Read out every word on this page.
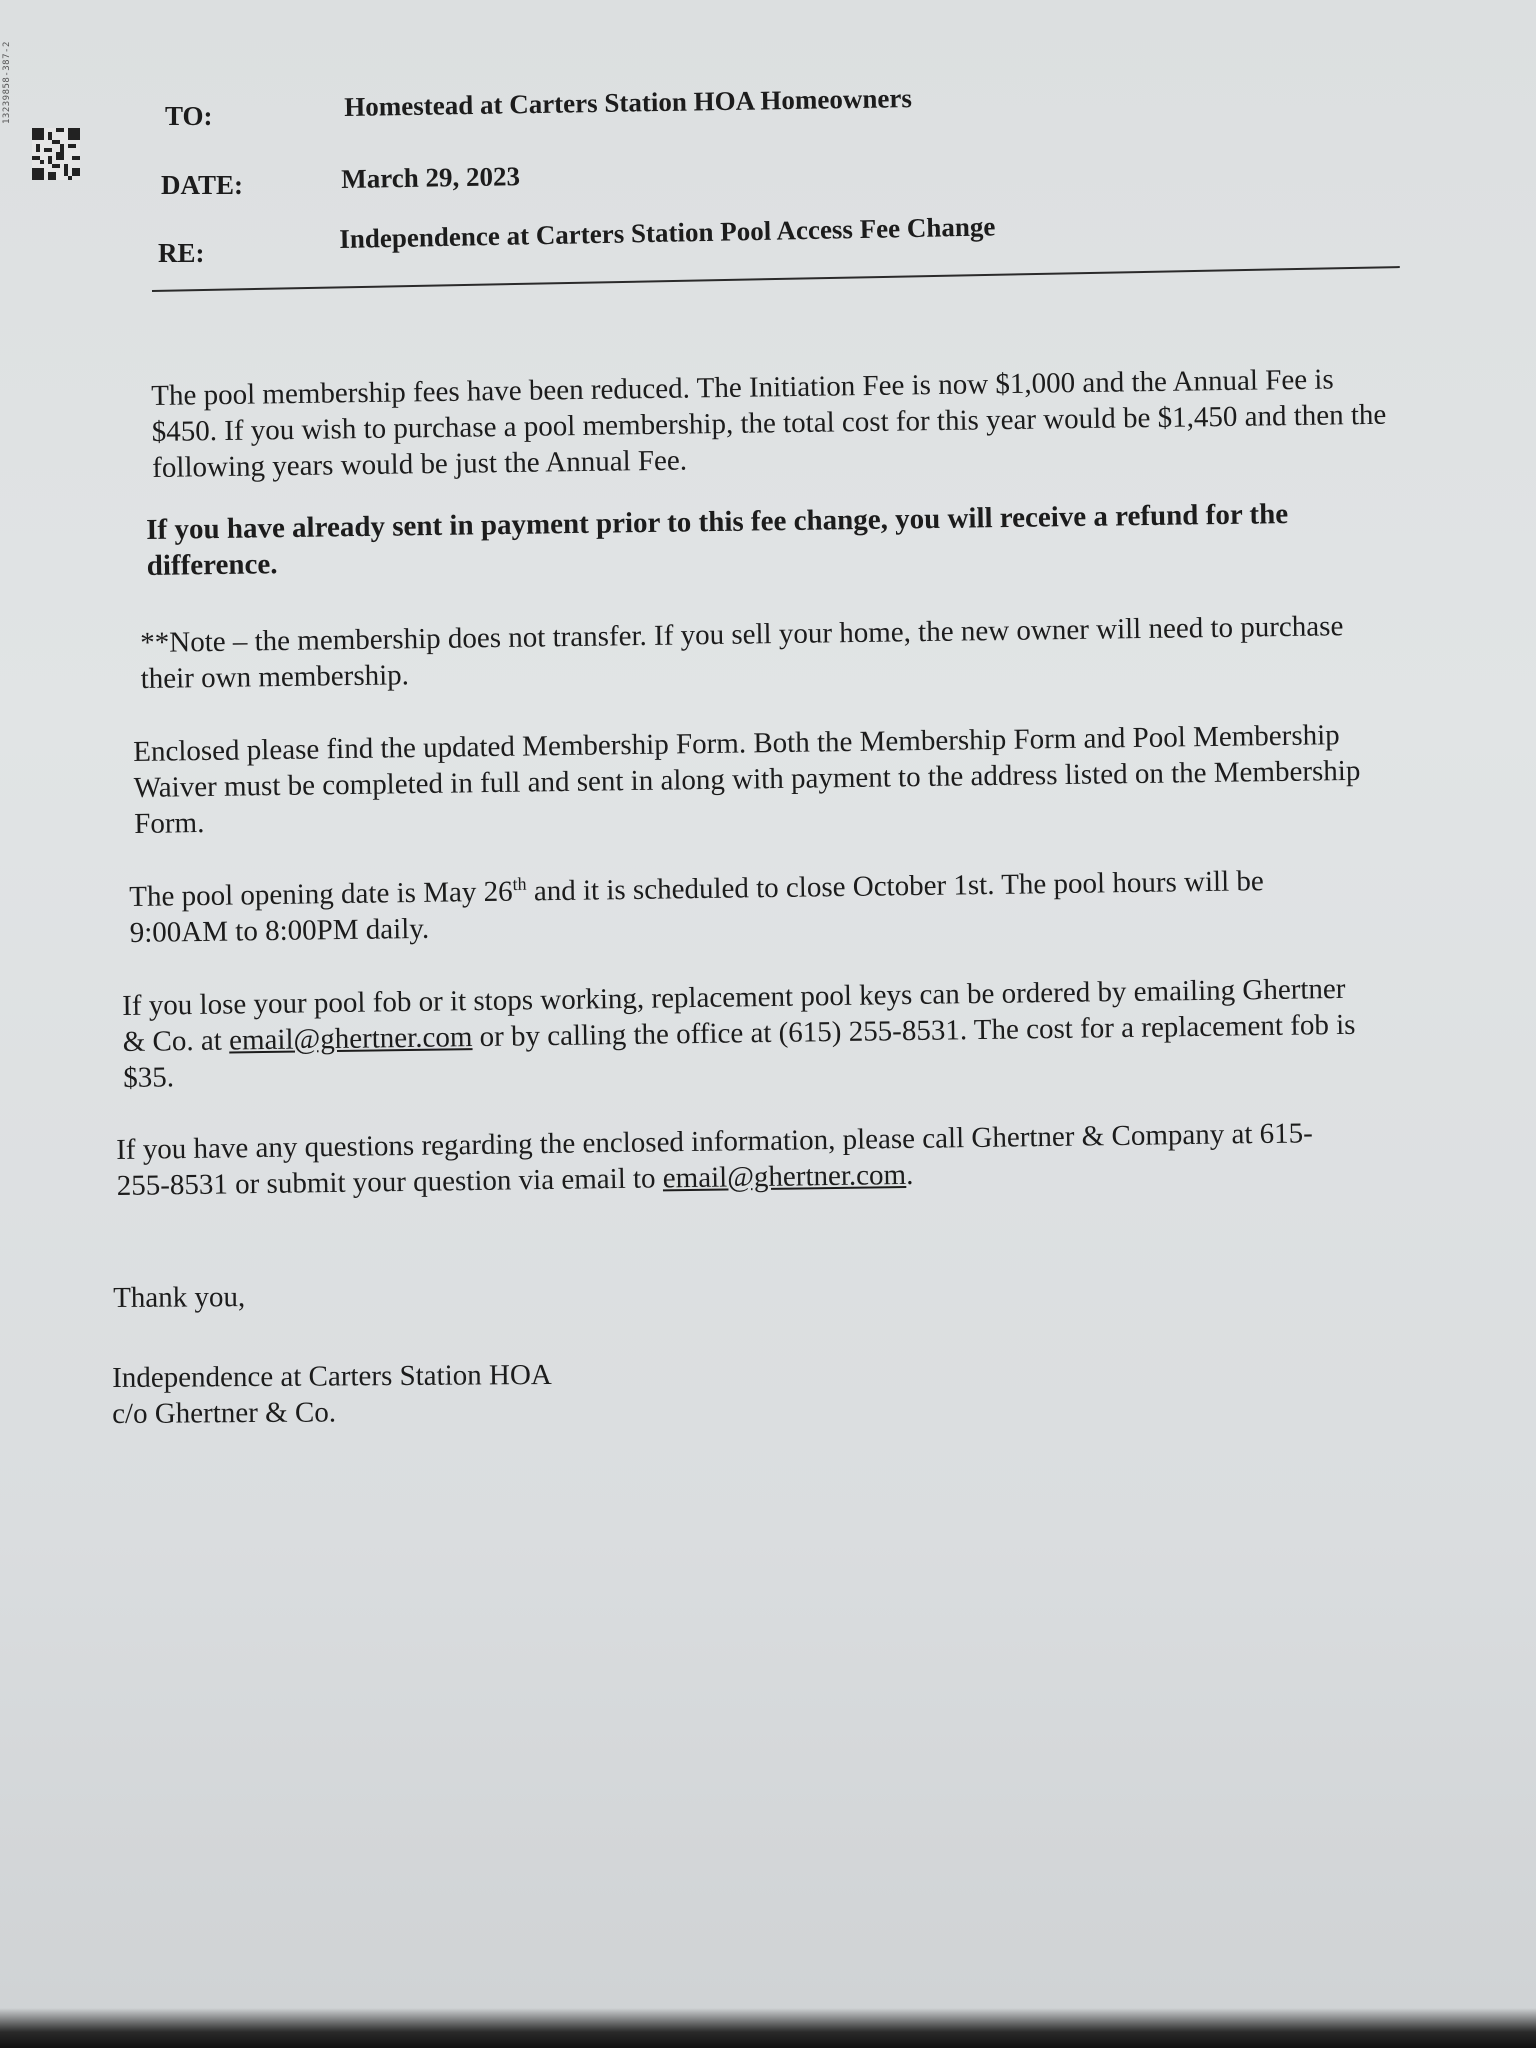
13239858-387-2	TO:	Homestead at Carters Station HOA Homeowners
DATE:	March 29, 2023
RE:	Independence at Carters Station Pool Access Fee Change

The pool membership fees have been reduced. The Initiation Fee is now $1,000 and the Annual Fee is $450. If you wish to purchase a pool membership, the total cost for this year would be $1,450 and then the following years would be just the Annual Fee.

If you have already sent in payment prior to this fee change, you will receive a refund for the difference.

**Note – the membership does not transfer. If you sell your home, the new owner will need to purchase their own membership.

Enclosed please find the updated Membership Form. Both the Membership Form and Pool Membership Waiver must be completed in full and sent in along with payment to the address listed on the Membership Form.

The pool opening date is May 26th and it is scheduled to close October 1st. The pool hours will be 9:00AM to 8:00PM daily.

If you lose your pool fob or it stops working, replacement pool keys can be ordered by emailing Ghertner & Co. at email@ghertner.com or by calling the office at (615) 255-8531. The cost for a replacement fob is $35.

If you have any questions regarding the enclosed information, please call Ghertner & Company at 615-255-8531 or submit your question via email to email@ghertner.com.

Thank you,
Independence at Carters Station HOA
c/o Ghertner & Co.
